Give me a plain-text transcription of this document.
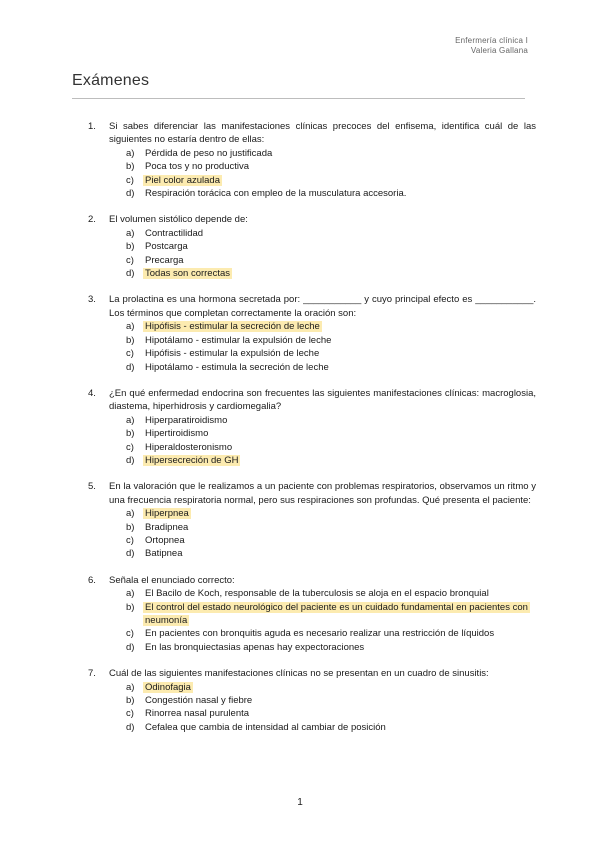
Enfermería clínica I
Valeria Gallana
Exámenes
1.	Si sabes diferenciar las manifestaciones clínicas precoces del enfisema, identifica cuál de las siguientes no estaría dentro de ellas:
a)	Pérdida de peso no justificada
b)	Poca tos y no productiva
c)	Piel color azulada
d)	Respiración torácica con empleo de la musculatura accesoria.
2.	El volumen sistólico depende de:
a)	Contractilidad
b)	Postcarga
c)	Precarga
d)	Todas son correctas
3.	La prolactina es una hormona secretada por: ___________ y cuyo principal efecto es ___________. Los términos que completan correctamente la oración son:
a)	Hipófisis - estimular la secreción de leche
b)	Hipotálamo - estimular la expulsión de leche
c)	Hipófisis - estimular la expulsión de leche
d)	Hipotálamo - estimula la secreción de leche
4.	¿En qué enfermedad endocrina son frecuentes las siguientes manifestaciones clínicas: macroglosia, diastema, hiperhidrosis y cardiomegalia?
a)	Hiperparatiroidismo
b)	Hipertiroidismo
c)	Hiperaldosteronismo
d)	Hipersecreción de GH
5.	En la valoración que le realizamos a un paciente con problemas respiratorios, observamos un ritmo y una frecuencia respiratoria normal, pero sus respiraciones son profundas. Qué presenta el paciente:
a)	Hiperpnea
b)	Bradipnea
c)	Ortopnea
d)	Batipnea
6.	Señala el enunciado correcto:
a)	El Bacilo de Koch, responsable de la tuberculosis se aloja en el espacio bronquial
b)	El control del estado neurológico del paciente es un cuidado fundamental en pacientes con neumonía
c)	En pacientes con bronquitis aguda es necesario realizar una restricción de líquidos
d)	En las bronquiectasias apenas hay expectoraciones
7.	Cuál de las siguientes manifestaciones clínicas no se presentan en un cuadro de sinusitis:
a)	Odinofagia
b)	Congestión nasal y fiebre
c)	Rinorrea nasal purulenta
d)	Cefalea que cambia de intensidad al cambiar de posición
1
